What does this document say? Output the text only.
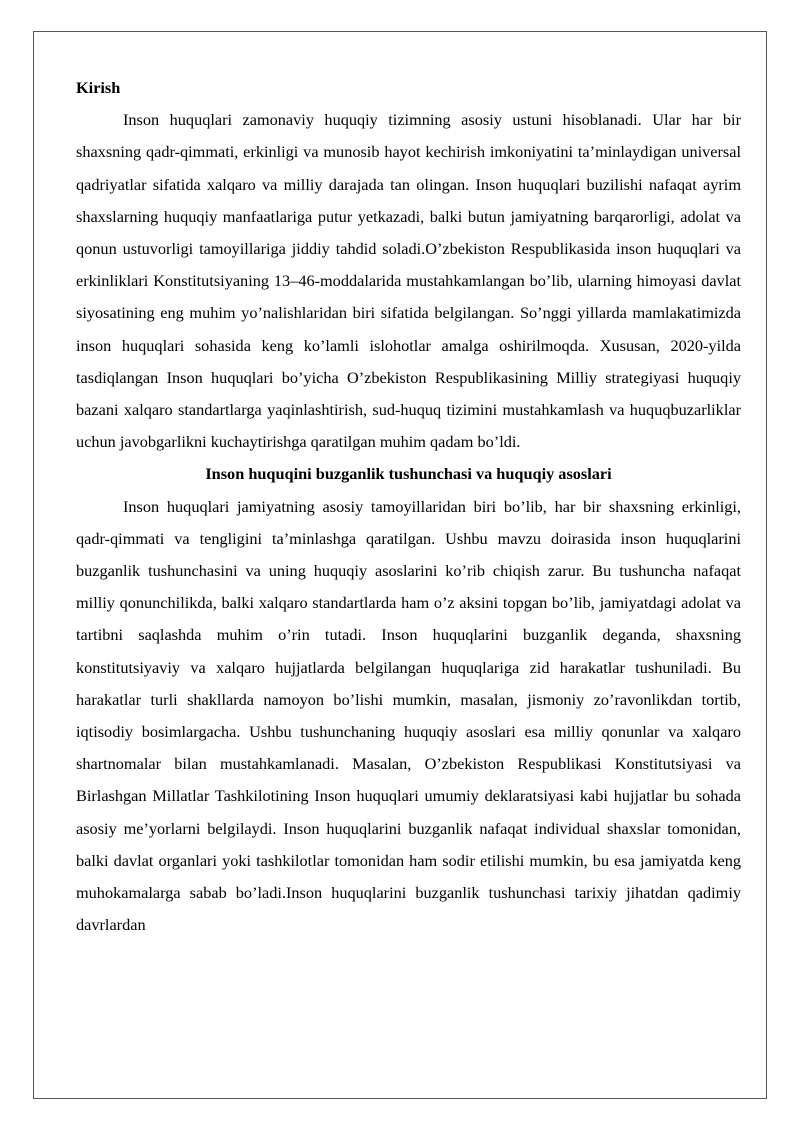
Kirish

Inson huquqlari zamonaviy huquqiy tizimning asosiy ustuni hisoblanadi. Ular har bir shaxsning qadr-qimmati, erkinligi va munosib hayot kechirish imkoniyatini ta’minlaydigan universal qadriyatlar sifatida xalqaro va milliy darajada tan olingan. Inson huquqlari buzilishi nafaqat ayrim shaxslarning huquqiy manfaatlariga putur yetkazadi, balki butun jamiyatning barqarorligi, adolat va qonun ustuvorligi tamoyillariga jiddiy tahdid soladi.O’zbekiston Respublikasida inson huquqlari va erkinliklari Konstitutsiyaning 13–46-moddalarida mustahkamlangan bo’lib, ularning himoyasi davlat siyosatining eng muhim yo’nalishlaridan biri sifatida belgilangan. So’nggi yillarda mamlakatimizda inson huquqlari sohasida keng ko’lamli islohotlar amalga oshirilmoqda. Xususan, 2020-yilda tasdiqlangan Inson huquqlari bo’yicha O’zbekiston Respublikasining Milliy strategiyasi huquqiy bazani xalqaro standartlarga yaqinlashtirish, sud-huquq tizimini mustahkamlash va huquqbuzarliklar uchun javobgarlikni kuchaytirishga qaratilgan muhim qadam bo’ldi.

Inson huquqini buzganlik tushunchasi va huquqiy asoslari

Inson huquqlari jamiyatning asosiy tamoyillaridan biri bo’lib, har bir shaxsning erkinligi, qadr-qimmati va tengligini ta’minlashga qaratilgan. Ushbu mavzu doirasida inson huquqlarini buzganlik tushunchasini va uning huquqiy asoslarini ko’rib chiqish zarur. Bu tushuncha nafaqat milliy qonunchilikda, balki xalqaro standartlarda ham o’z aksini topgan bo’lib, jamiyatdagi adolat va tartibni saqlashda muhim o’rin tutadi. Inson huquqlarini buzganlik deganda, shaxsning konstitutsiyaviy va xalqaro hujjatlarda belgilangan huquqlariga zid harakatlar tushuniladi. Bu harakatlar turli shakllarda namoyon bo’lishi mumkin, masalan, jismoniy zo’ravonlikdan tortib, iqtisodiy bosimlargacha. Ushbu tushunchaning huquqiy asoslari esa milliy qonunlar va xalqaro shartnomalar bilan mustahkamlanadi. Masalan, O’zbekiston Respublikasi Konstitutsiyasi va Birlashgan Millatlar Tashkilotining Inson huquqlari umumiy deklaratsiyasi kabi hujjatlar bu sohada asosiy me’yorlarni belgilaydi. Inson huquqlarini buzganlik nafaqat individual shaxslar tomonidan, balki davlat organlari yoki tashkilotlar tomonidan ham sodir etilishi mumkin, bu esa jamiyatda keng muhokamalarga sabab bo’ladi.Inson huquqlarini buzganlik tushunchasi tarixiy jihatdan qadimiy davrlardan
